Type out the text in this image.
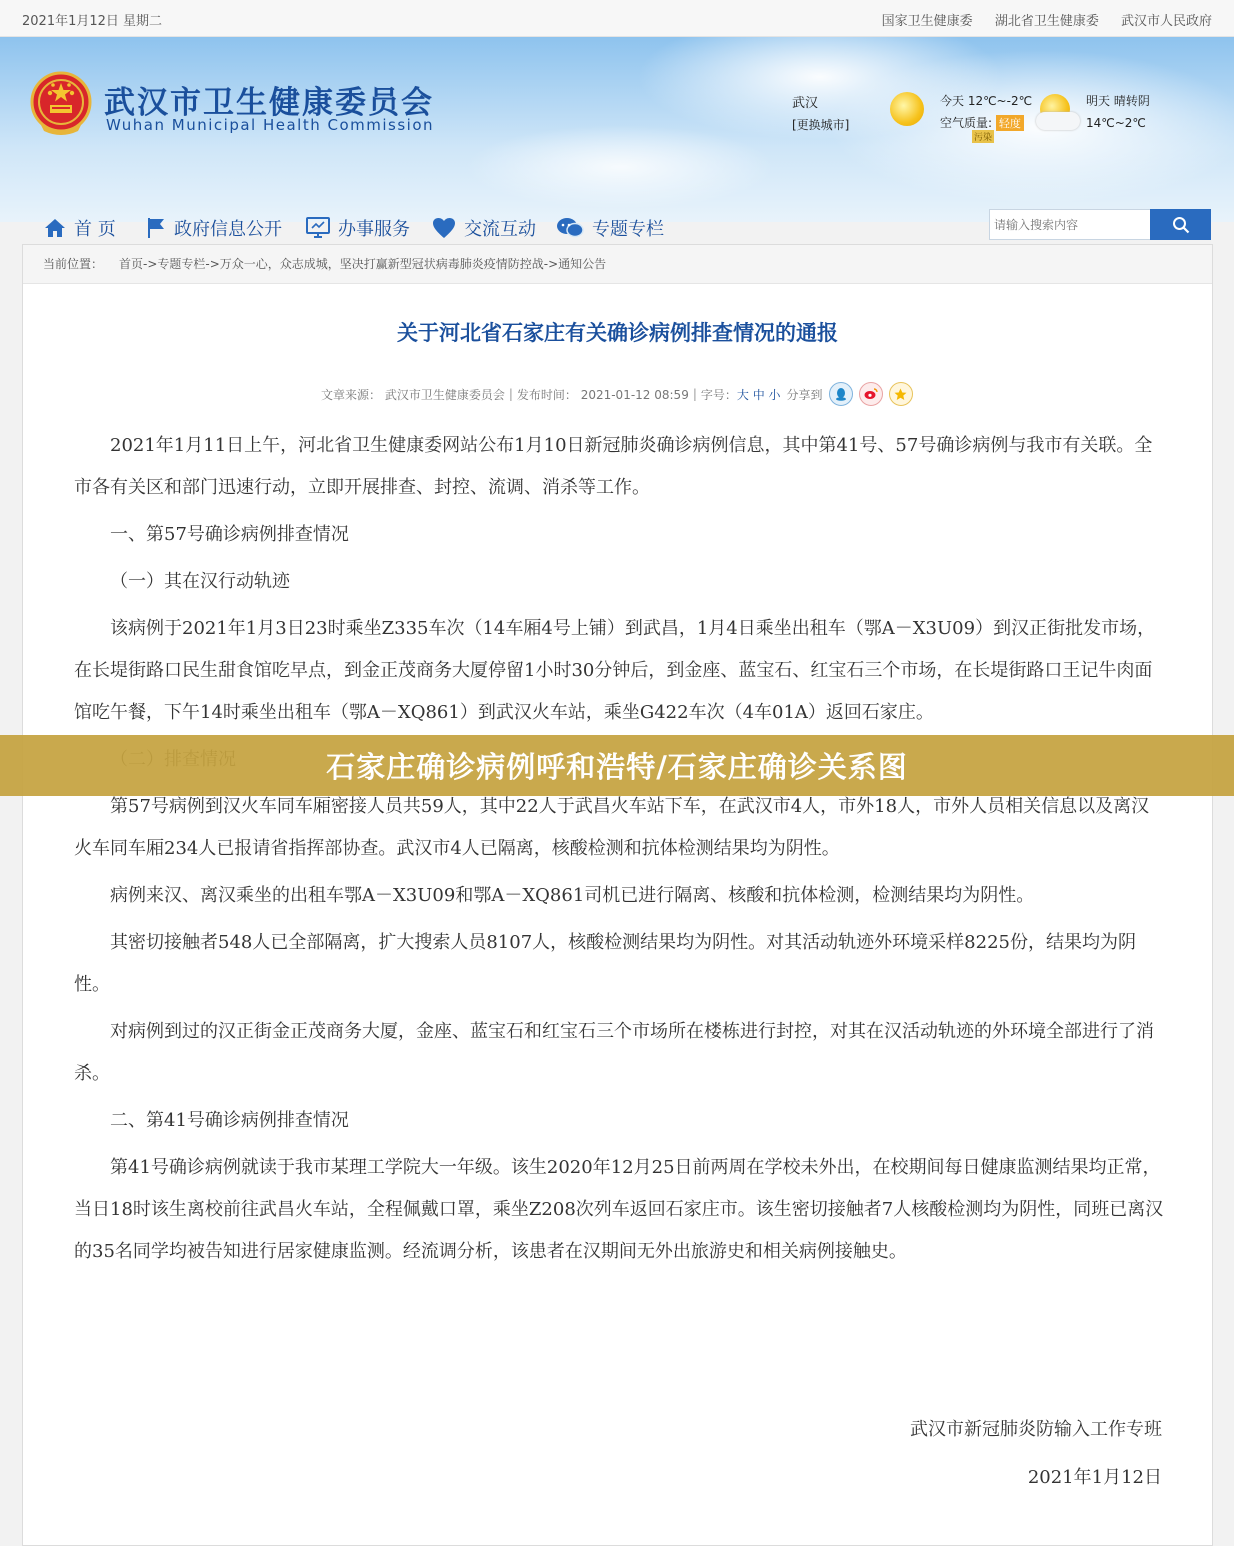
2021年1月12日 星期二	国家卫生健康委 湖北省卫生健康委 武汉市人民政府
武汉市卫生健康委员会
Wuhan Municipal Health Commission
武汉
[更换城市]
今天 12℃~-2℃
空气质量: 轻度
污染
明天 晴转阴
14℃~2℃
首 页	政府信息公开	办事服务	交流互动	专题专栏
请输入搜索内容
当前位置： 首页->专题专栏->万众一心，众志成城，坚决打赢新型冠状病毒肺炎疫情防控战->通知公告
关于河北省石家庄有关确诊病例排查情况的通报
文章来源： 武汉市卫生健康委员会 | 发布时间： 2021-01-12 08:59 | 字号： 大 中 小 分享到

2021年1月11日上午，河北省卫生健康委网站公布1月10日新冠肺炎确诊病例信息，其中第41号、57号确诊病例与我市有关联。全市各有关区和部门迅速行动，立即开展排查、封控、流调、消杀等工作。

一、第57号确诊病例排查情况

（一）其在汉行动轨迹

该病例于2021年1月3日23时乘坐Z335车次（14车厢4号上铺）到武昌，1月4日乘坐出租车（鄂A－X3U09）到汉正街批发市场，在长堤街路口民生甜食馆吃早点，到金正茂商务大厦停留1小时30分钟后，到金座、蓝宝石、红宝石三个市场，在长堤街路口王记牛肉面馆吃午餐，下午14时乘坐出租车（鄂A－XQ861）到武汉火车站，乘坐G422车次（4车01A）返回石家庄。

第57号病例到汉火车同车厢密接人员共59人，其中22人于武昌火车站下车，在武汉市4人，市外18人，市外人员相关信息以及离汉火车同车厢234人已报请省指挥部协查。武汉市4人已隔离，核酸检测和抗体检测结果均为阴性。

病例来汉、离汉乘坐的出租车鄂A－X3U09和鄂A－XQ861司机已进行隔离、核酸和抗体检测，检测结果均为阴性。

其密切接触者548人已全部隔离，扩大搜索人员8107人，核酸检测结果均为阴性。对其活动轨迹外环境采样8225份，结果均为阴性。

对病例到过的汉正街金正茂商务大厦，金座、蓝宝石和红宝石三个市场所在楼栋进行封控，对其在汉活动轨迹的外环境全部进行了消杀。

二、第41号确诊病例排查情况

第41号确诊病例就读于我市某理工学院大一年级。该生2020年12月25日前两周在学校未外出，在校期间每日健康监测结果均正常，当日18时该生离校前往武昌火车站，全程佩戴口罩，乘坐Z208次列车返回石家庄市。该生密切接触者7人核酸检测均为阴性，同班已离汉的35名同学均被告知进行居家健康监测。经流调分析，该患者在汉期间无外出旅游史和相关病例接触史。

武汉市新冠肺炎防输入工作专班
2021年1月12日
石家庄确诊病例呼和浩特/石家庄确诊关系图
